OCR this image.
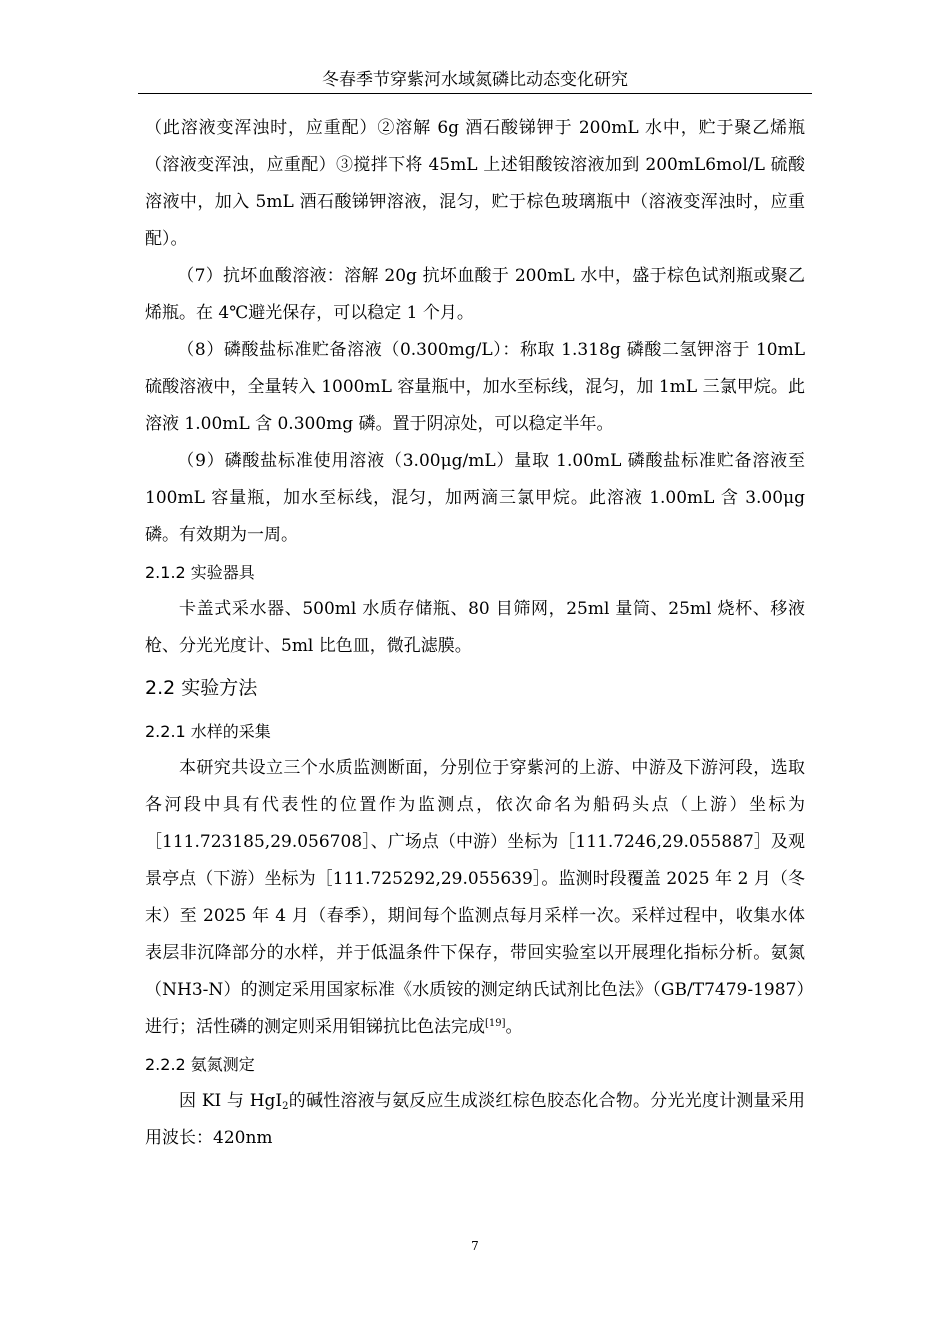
冬春季节穿紫河水域氮磷比动态变化研究

（此溶液变浑浊时，应重配）②溶解 6g 酒石酸锑钾于 200mL 水中，贮于聚乙烯瓶（溶液变浑浊，应重配）③搅拌下将 45mL 上述钼酸铵溶液加到 200mL6mol/L 硫酸溶液中，加入 5mL 酒石酸锑钾溶液，混匀，贮于棕色玻璃瓶中（溶液变浑浊时，应重配）。

（7）抗坏血酸溶液：溶解 20g 抗坏血酸于 200mL 水中，盛于棕色试剂瓶或聚乙烯瓶。在 4℃避光保存，可以稳定 1 个月。

（8）磷酸盐标准贮备溶液（0.300mg/L）：称取 1.318g 磷酸二氢钾溶于 10mL 硫酸溶液中，全量转入 1000mL 容量瓶中，加水至标线，混匀，加 1mL 三氯甲烷。此溶液 1.00mL 含 0.300mg 磷。置于阴凉处，可以稳定半年。

（9）磷酸盐标准使用溶液（3.00μg/mL）量取 1.00mL 磷酸盐标准贮备溶液至 100mL 容量瓶，加水至标线，混匀，加两滴三氯甲烷。此溶液 1.00mL 含 3.00μg 磷。有效期为一周。

2.1.2 实验器具

卡盖式采水器、500ml 水质存储瓶、80 目筛网，25ml 量筒、25ml 烧杯、移液枪、分光光度计、5ml 比色皿，微孔滤膜。

2.2 实验方法
2.2.1 水样的采集

本研究共设立三个水质监测断面，分别位于穿紫河的上游、中游及下游河段，选取各河段中具有代表性的位置作为监测点，依次命名为船码头点（上游）坐标为［111.723185,29.056708］、广场点（中游）坐标为［111.7246,29.055887］及观景亭点（下游）坐标为［111.725292,29.055639］。监测时段覆盖 2025 年 2 月（冬末）至 2025 年 4 月（春季），期间每个监测点每月采样一次。采样过程中，收集水体表层非沉降部分的水样，并于低温条件下保存，带回实验室以开展理化指标分析。氨氮（NH3-N）的测定采用国家标准《水质铵的测定纳氏试剂比色法》（GB/T7479-1987）进行；活性磷的测定则采用钼锑抗比色法完成[19]。

2.2.2 氨氮测定

因 KI 与 HgI$_2$的碱性溶液与氨反应生成淡红棕色胶态化合物。分光光度计测量采用用波长：420nm

7
